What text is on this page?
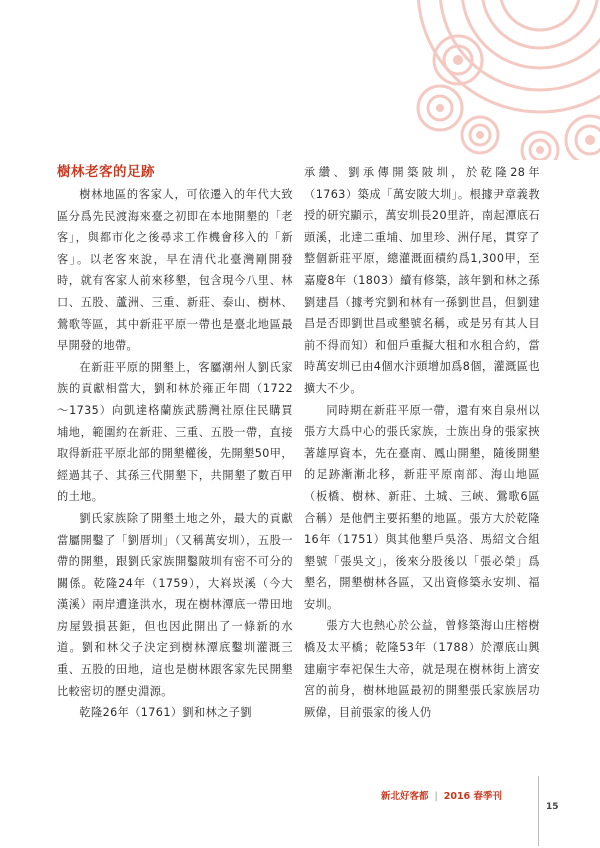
樹林老客的足跡

樹林地區的客家人，可依遷入的年代大致區分爲先民渡海來臺之初即在本地開墾的「老客」，與都市化之後尋求工作機會移入的「新客」。以老客來說，早在清代北臺灣剛開發時，就有客家人前來移墾，包含現今八里、林口、五股、蘆洲、三重、新莊、泰山、樹林、鶯歌等區，其中新莊平原一帶也是臺北地區最早開發的地帶。

在新莊平原的開墾上，客屬潮州人劉氏家族的貢獻相當大，劉和林於雍正年間（1722～1735）向凱達格蘭族武勝灣社原住民購買埔地，範圍約在新莊、三重、五股一帶，直接取得新莊平原北部的開墾權後，先開墾50甲，經過其子、其孫三代開墾下，共開墾了數百甲的土地。

劉氏家族除了開墾土地之外，最大的貢獻當屬開鑿了「劉厝圳」（又稱萬安圳），五股一帶的開墾，跟劉氏家族開鑿陂圳有密不可分的關係。乾隆24年（1759），大嵙崁溪（今大漢溪）兩岸遭逢洪水，現在樹林潭底一帶田地房屋毀損甚鉅，但也因此開出了一條新的水道。劉和林父子決定到樹林潭底鑿圳灌溉三重、五股的田地，這也是樹林跟客家先民開墾比較密切的歷史淵源。

乾隆26年（1761）劉和林之子劉

承纘、劉承傳開築陂圳，於乾隆28年（1763）築成「萬安陂大圳」。根據尹章義教授的研究顯示，萬安圳長20里許，南起潭底石頭溪，北達二重埔、加里珍、洲仔尾，貫穿了整個新莊平原，總灌溉面積約爲1,300甲，至嘉慶8年（1803）續有修築，該年劉和林之孫劉建昌（據考究劉和林有一孫劉世昌，但劉建昌是否即劉世昌或墾號名稱，或是另有其人目前不得而知）和佃戶重擬大租和水租合約，當時萬安圳已由4個水汴頭增加爲8個，灌溉區也擴大不少。

同時期在新莊平原一帶，還有來自泉州以張方大爲中心的張氏家族，士族出身的張家挾著雄厚資本，先在臺南、鳳山開墾，隨後開墾的足跡漸漸北移，新莊平原南部、海山地區（板橋、樹林、新莊、土城、三峽、鶯歌6區合稱）是他們主要拓墾的地區。張方大於乾隆16年（1751）與其他墾戶吳洛、馬紹文合組墾號「張吳文」，後來分股後以「張必榮」爲墾名，開墾樹林各區，又出資修築永安圳、福安圳。

張方大也熱心於公益，曾修築海山庄榕樹橋及太平橋；乾隆53年（1788）於潭底山興建廟宇奉祀保生大帝，就是現在樹林街上濟安宮的前身，樹林地區最初的開墾張氏家族居功厥偉，目前張家的後人仍

新北好客都 | 2016 春季刊
15
